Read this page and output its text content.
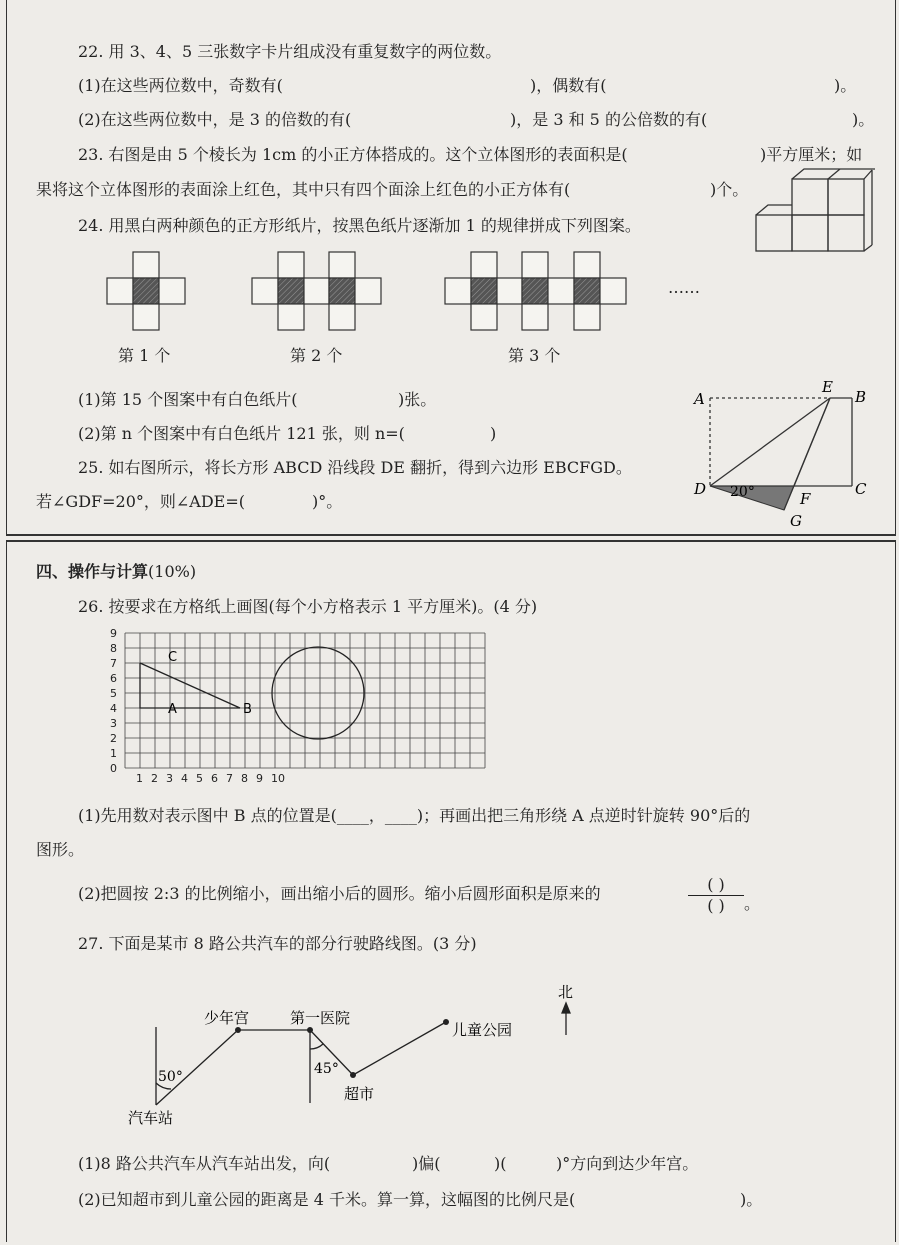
22. 用 3、4、5 三张数字卡片组成没有重复数字的两位数。
(1)在这些两位数中，奇数有(	)，偶数有(	)。
(2)在这些两位数中，是 3 的倍数的有(	)，是 3 和 5 的公倍数的有(	)。
23. 右图是由 5 个棱长为 1cm 的小正方体搭成的。这个立体图形的表面积是(	)平方厘米；如
果将这个立体图形的表面涂上红色，其中只有四个面涂上红色的小正方体有(	)个。
24. 用黑白两种颜色的正方形纸片，按黑色纸片逐渐加 1 的规律拼成下列图案。
……
第 1 个	第 2 个	第 3 个
(1)第 15 个图案中有白色纸片(	)张。
(2)第 n 个图案中有白色纸片 121 张，则 n=(	)
25. 如右图所示，将长方形 ABCD 沿线段 DE 翻折，得到六边形 EBCFGD。
若∠GDF=20°，则∠ADE=(	)°。
A
E
B
C
D
F
G
20°
四、操作与计算(10%)
26. 按要求在方格纸上画图(每个小方格表示 1 平方厘米)。(4 分)
9
8
7
6
5
4
3
2
1
0
1 2 3 4 5 6 7 8 9 10
C
A	B
(1)先用数对表示图中 B 点的位置是(____，____)；再画出把三角形绕 A 点逆时针旋转 90°后的
图形。
(2)把圆按 2:3 的比例缩小，画出缩小后的圆形。缩小后圆形面积是原来的	( )
( )	。
27. 下面是某市 8 路公共汽车的部分行驶路线图。(3 分)
北
少年宫	第一医院
儿童公园
超市
汽车站
50°	45°
(1)8 路公共汽车从汽车站出发，向(	)偏(	)(	)°方向到达少年宫。
(2)已知超市到儿童公园的距离是 4 千米。算一算，这幅图的比例尺是(	)。
